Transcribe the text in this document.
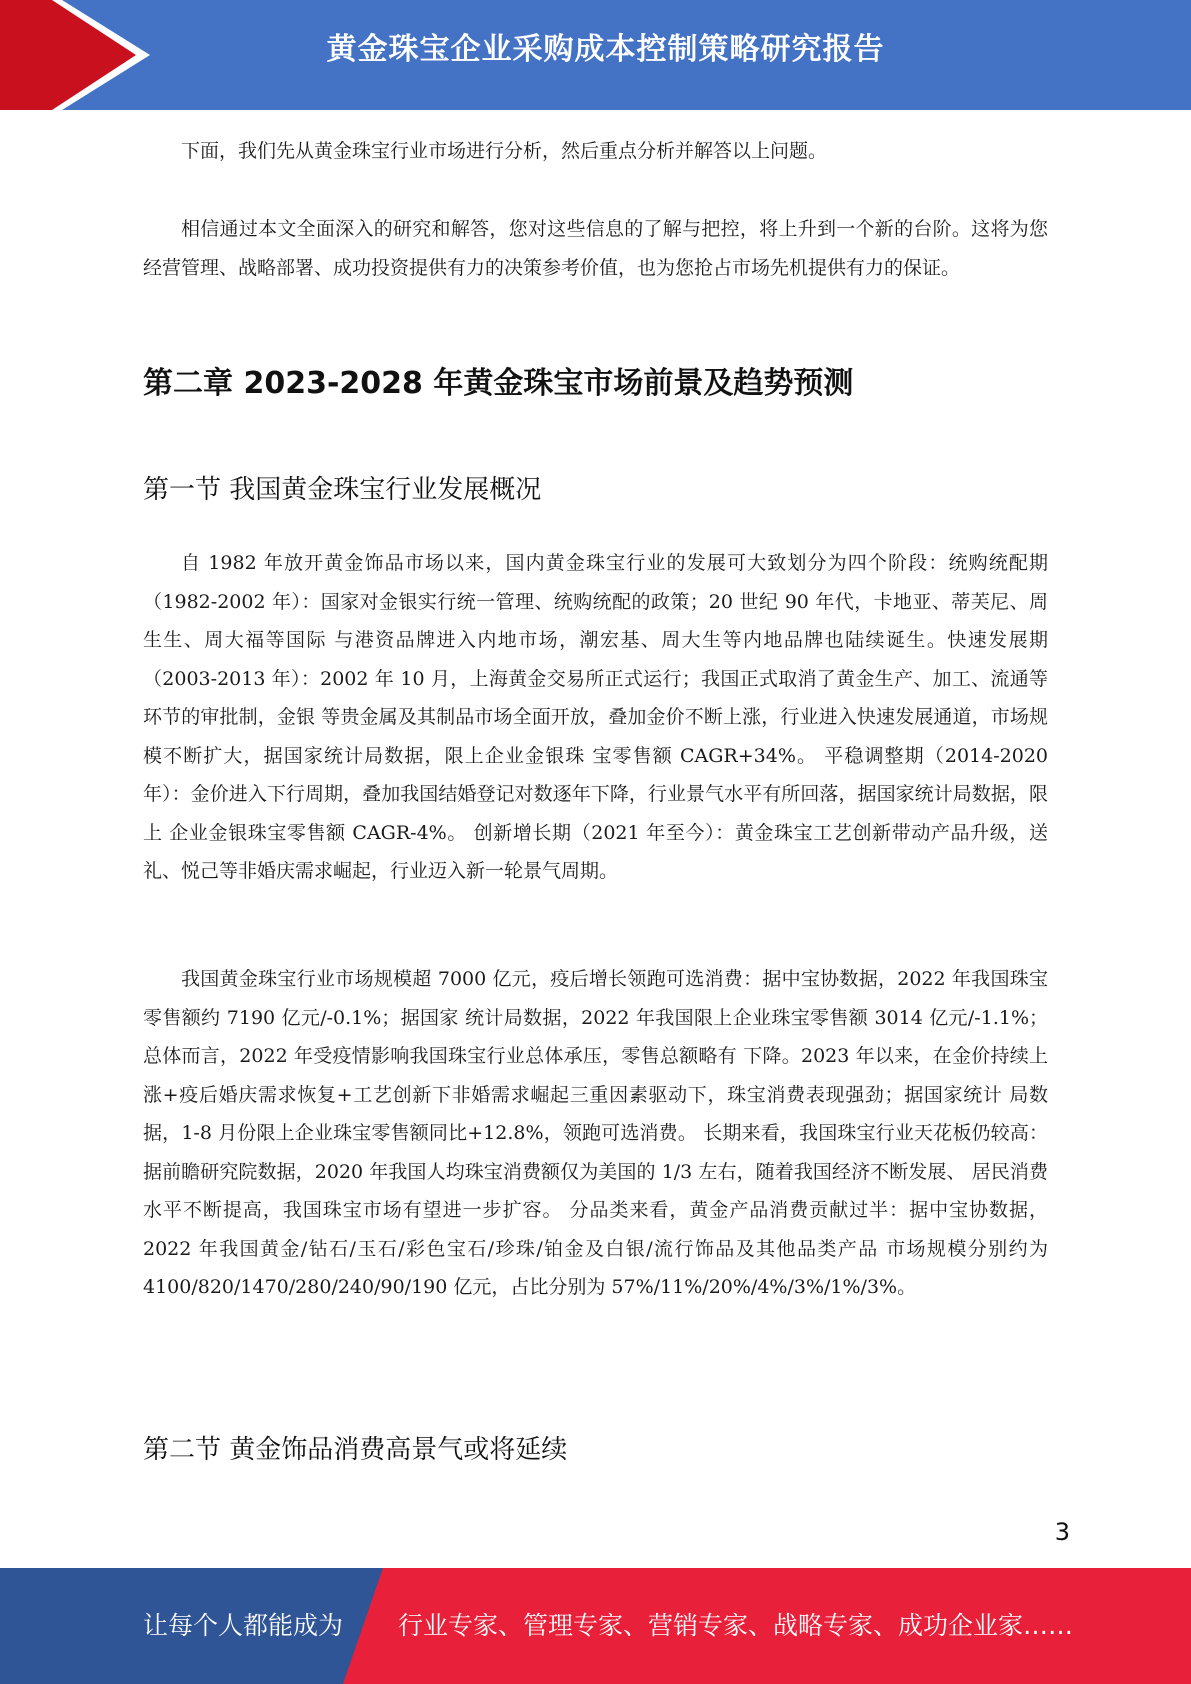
黄金珠宝企业采购成本控制策略研究报告

下面，我们先从黄金珠宝行业市场进行分析，然后重点分析并解答以上问题。

相信通过本文全面深入的研究和解答，您对这些信息的了解与把控，将上升到一个新的台阶。这将为您经营管理、战略部署、成功投资提供有力的决策参考价值，也为您抢占市场先机提供有力的保证。

第二章 2023-2028 年黄金珠宝市场前景及趋势预测
第一节 我国黄金珠宝行业发展概况

自 1982 年放开黄金饰品市场以来，国内黄金珠宝行业的发展可大致划分为四个阶段：统购统配期（1982-2002 年）：国家对金银实行统一管理、统购统配的政策；20 世纪 90 年代，卡地亚、蒂芙尼、周生生、周大福等国际 与港资品牌进入内地市场，潮宏基、周大生等内地品牌也陆续诞生。快速发展期（2003-2013 年）：2002 年 10 月，上海黄金交易所正式运行；我国正式取消了黄金生产、加工、流通等环节的审批制，金银 等贵金属及其制品市场全面开放，叠加金价不断上涨，行业进入快速发展通道，市场规模不断扩大，据国家统计局数据，限上企业金银珠 宝零售额 CAGR+34%。 平稳调整期（2014-2020 年）：金价进入下行周期，叠加我国结婚登记对数逐年下降，行业景气水平有所回落，据国家统计局数据，限上 企业金银珠宝零售额 CAGR-4%。 创新增长期（2021 年至今）：黄金珠宝工艺创新带动产品升级，送礼、悦己等非婚庆需求崛起，行业迈入新一轮景气周期。

我国黄金珠宝行业市场规模超 7000 亿元，疫后增长领跑可选消费：据中宝协数据，2022 年我国珠宝零售额约 7190 亿元/-0.1%；据国家 统计局数据，2022 年我国限上企业珠宝零售额 3014 亿元/-1.1%；总体而言，2022 年受疫情影响我国珠宝行业总体承压，零售总额略有 下降。2023 年以来，在金价持续上涨+疫后婚庆需求恢复+工艺创新下非婚需求崛起三重因素驱动下，珠宝消费表现强劲；据国家统计 局数据，1-8 月份限上企业珠宝零售额同比+12.8%，领跑可选消费。 长期来看，我国珠宝行业天花板仍较高：据前瞻研究院数据，2020 年我国人均珠宝消费额仅为美国的 1/3 左右，随着我国经济不断发展、 居民消费水平不断提高，我国珠宝市场有望进一步扩容。 分品类来看，黄金产品消费贡献过半：据中宝协数据，2022 年我国黄金/钻石/玉石/彩色宝石/珍珠/铂金及白银/流行饰品及其他品类产品 市场规模分别约为 4100/820/1470/280/240/90/190 亿元，占比分别为 57%/11%/20%/4%/3%/1%/3%。

第二节 黄金饰品消费高景气或将延续
3
让每个人都能成为 行业专家、管理专家、营销专家、战略专家、成功企业家……
